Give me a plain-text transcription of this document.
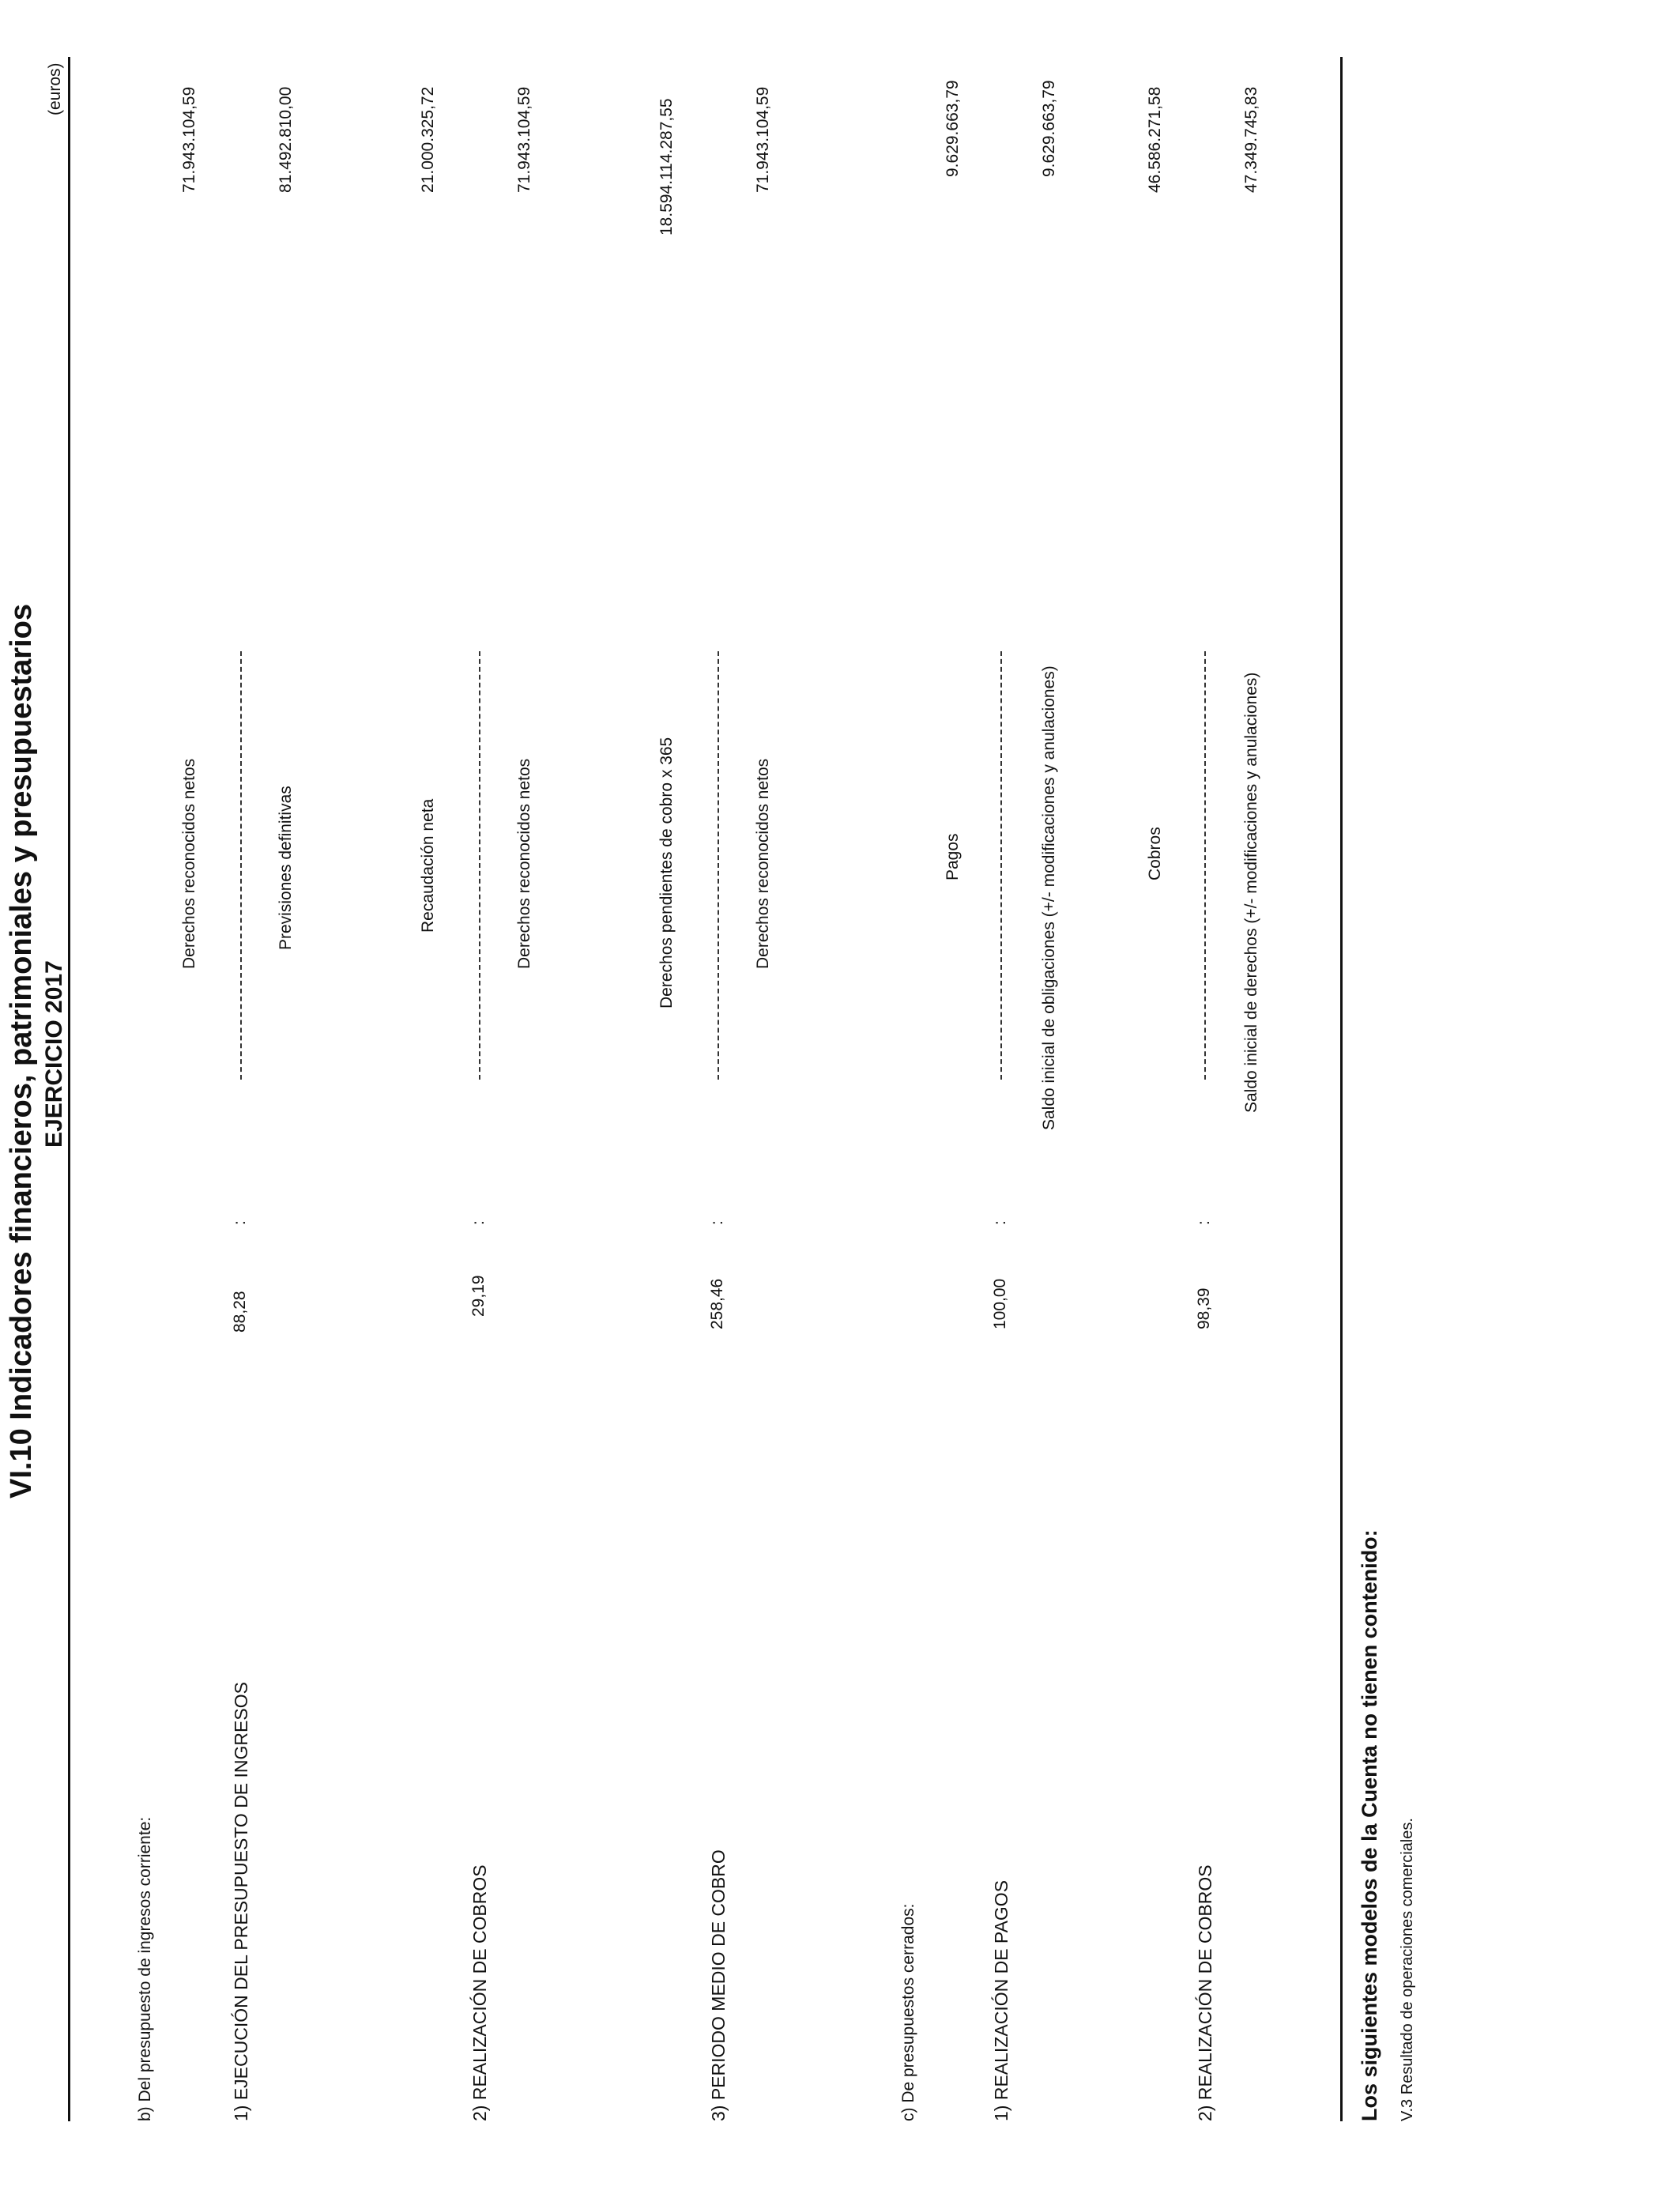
VI.10 Indicadores financieros, patrimoniales y presupuestarios EJERCICIO 2017
(euros)
b) Del presupuesto de ingresos corriente:	1) EJECUCIÓN DEL PRESUPUESTO DE INGRESOS
88,28
:
Derechos reconocidos netos
71.943.104,59
Previsiones definitivas
81.492.810,00
2) REALIZACIÓN DE COBROS
29,19
:
Recaudación neta
21.000.325,72
Derechos reconocidos netos
71.943.104,59
3) PERIODO MEDIO DE COBRO
258,46
:
Derechos pendientes de cobro x 365
18.594.114.287,55
Derechos reconocidos netos
71.943.104,59
c) De presupuestos cerrados:	1) REALIZACIÓN DE PAGOS
100,00
:
Pagos
9.629.663,79
Saldo inicial de obligaciones (+/- modificaciones y anulaciones)
9.629.663,79
2) REALIZACIÓN DE COBROS
98,39
:
Cobros
46.586.271,58
Saldo inicial de derechos (+/- modificaciones y anulaciones)
47.349.745,83
Los siguientes modelos de la Cuenta no tienen contenido: V.3 Resultado de operaciones comerciales.
